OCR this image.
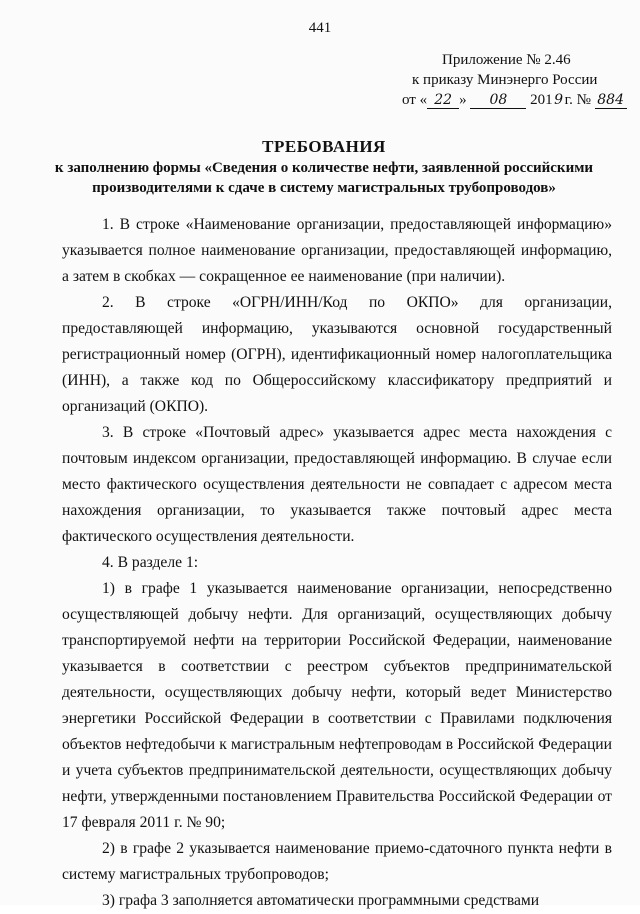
441
Приложение № 2.46
к приказу Минэнерго России
от « 22 » 08 201 9 г. № 884
ТРЕБОВАНИЯ
к заполнению формы «Сведения о количестве нефти, заявленной российскими
производителями к сдаче в систему магистральных трубопроводов»

1. В строке «Наименование организации, предоставляющей информацию» указывается полное наименование организации, предоставляющей информацию, а затем в скобках — сокращенное ее наименование (при наличии).

2. В строке «ОГРН/ИНН/Код по ОКПО» для организации, предоставляющей информацию, указываются основной государственный регистрационный номер (ОГРН), идентификационный номер налогоплательщика (ИНН), а также код по Общероссийскому классификатору предприятий и организаций (ОКПО).

3. В строке «Почтовый адрес» указывается адрес места нахождения с почтовым индексом организации, предоставляющей информацию. В случае если место фактического осуществления деятельности не совпадает с адресом места нахождения организации, то указывается также почтовый адрес места фактического осуществления деятельности.

4. В разделе 1:

1) в графе 1 указывается наименование организации, непосредственно осуществляющей добычу нефти. Для организаций, осуществляющих добычу транспортируемой нефти на территории Российской Федерации, наименование указывается в соответствии с реестром субъектов предпринимательской деятельности, осуществляющих добычу нефти, который ведет Министерство энергетики Российской Федерации в соответствии с Правилами подключения объектов нефтедобычи к магистральным нефтепроводам в Российской Федерации и учета субъектов предпринимательской деятельности, осуществляющих добычу нефти, утвержденными постановлением Правительства Российской Федерации от 17 февраля 2011 г. № 90;

2) в графе 2 указывается наименование приемо-сдаточного пункта нефти в систему магистральных трубопроводов;

3) графа 3 заполняется автоматически программными средствами
